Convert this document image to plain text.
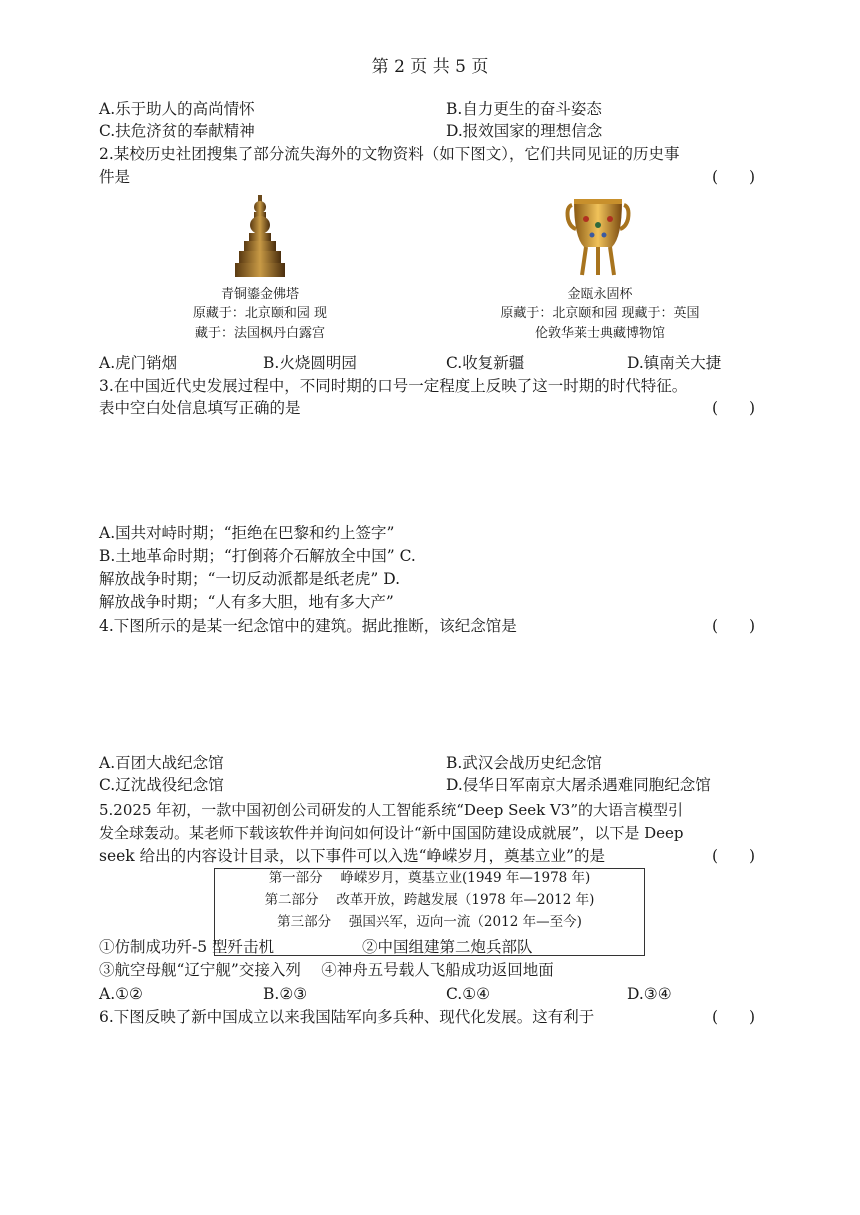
第 2 页 共 5 页
A.乐于助人的高尚情怀	B.自力更生的奋斗姿态
C.扶危济贫的奉献精神	D.报效国家的理想信念
2.某校历史社团搜集了部分流失海外的文物资料（如下图文），它们共同见证的历史事
件是	(　　)
青铜鎏金佛塔
原藏于：北京颐和园 现
藏于：法国枫丹白露宫
金瓯永固杯
原藏于：北京颐和园 现藏于：英国
伦敦华莱士典藏博物馆
A.虎门销烟	B.火烧圆明园	C.收复新疆	D.镇南关大捷
3.在中国近代史发展过程中，不同时期的口号一定程度上反映了这一时期的时代特征。
表中空白处信息填写正确的是	(　　)
A.国共对峙时期；“拒绝在巴黎和约上签字”
B.土地革命时期；“打倒蒋介石解放全中国” C.
解放战争时期；“一切反动派都是纸老虎” D.
解放战争时期；“人有多大胆，地有多大产”
4.下图所示的是某一纪念馆中的建筑。据此推断，该纪念馆是	(　　)
A.百团大战纪念馆	B.武汉会战历史纪念馆
C.辽沈战役纪念馆	D.侵华日军南京大屠杀遇难同胞纪念馆
5.2025 年初，一款中国初创公司研发的人工智能系统“Deep Seek V3”的大语言模型引
发全球轰动。某老师下载该软件并询问如何设计“新中国国防建设成就展”，以下是 Deep
seek 给出的内容设计目录，以下事件可以入选“峥嵘岁月，奠基立业”的是	(　　)
第一部分　 峥嵘岁月，奠基立业(1949 年—1978 年)
第二部分　 改革开放，跨越发展（1978 年—2012 年)
第三部分　 强国兴军，迈向一流（2012 年—至今)
①仿制成功歼-5 型歼击机	②中国组建第二炮兵部队
③航空母舰“辽宁舰”交接入列　 ④神舟五号载人飞船成功返回地面
A.①②	B.②③	C.①④	D.③④
6.下图反映了新中国成立以来我国陆军向多兵种、现代化发展。这有利于	(　　)
